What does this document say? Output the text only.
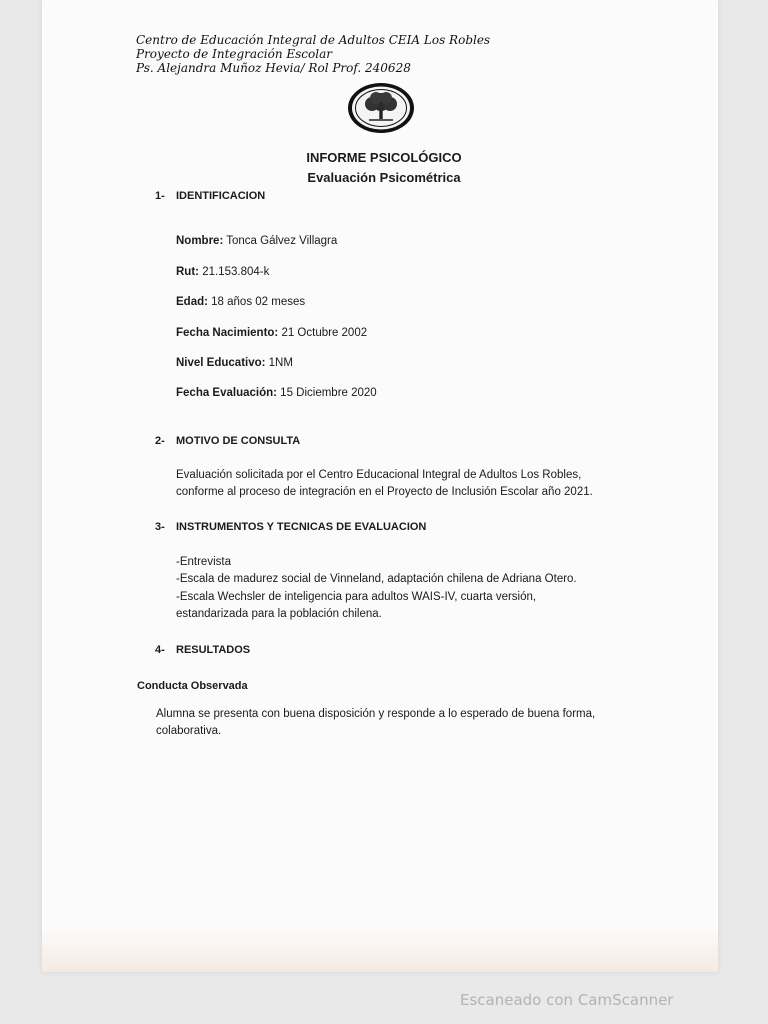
Centro de Educación Integral de Adultos CEIA Los Robles
Proyecto de Integración Escolar
Ps. Alejandra Muñoz Hevia/ Rol Prof. 240628
INFORME PSICOLÓGICO
Evaluación Psicométrica
1- IDENTIFICACION
Nombre: Tonca Gálvez Villagra
Rut: 21.153.804-k
Edad: 18 años 02 meses
Fecha Nacimiento: 21 Octubre 2002
Nivel Educativo: 1NM
Fecha Evaluación: 15 Diciembre 2020
2- MOTIVO DE CONSULTA
Evaluación solicitada por el Centro Educacional Integral de Adultos Los Robles,
conforme al proceso de integración en el Proyecto de Inclusión Escolar año 2021.
3- INSTRUMENTOS Y TECNICAS DE EVALUACION
-Entrevista
-Escala de madurez social de Vinneland, adaptación chilena de Adriana Otero.
-Escala Wechsler de inteligencia para adultos WAIS-IV, cuarta versión,
estandarizada para la población chilena.
4- RESULTADOS
Conducta Observada
Alumna se presenta con buena disposición y responde a lo esperado de buena forma,
colaborativa.
Escaneado con CamScanner
